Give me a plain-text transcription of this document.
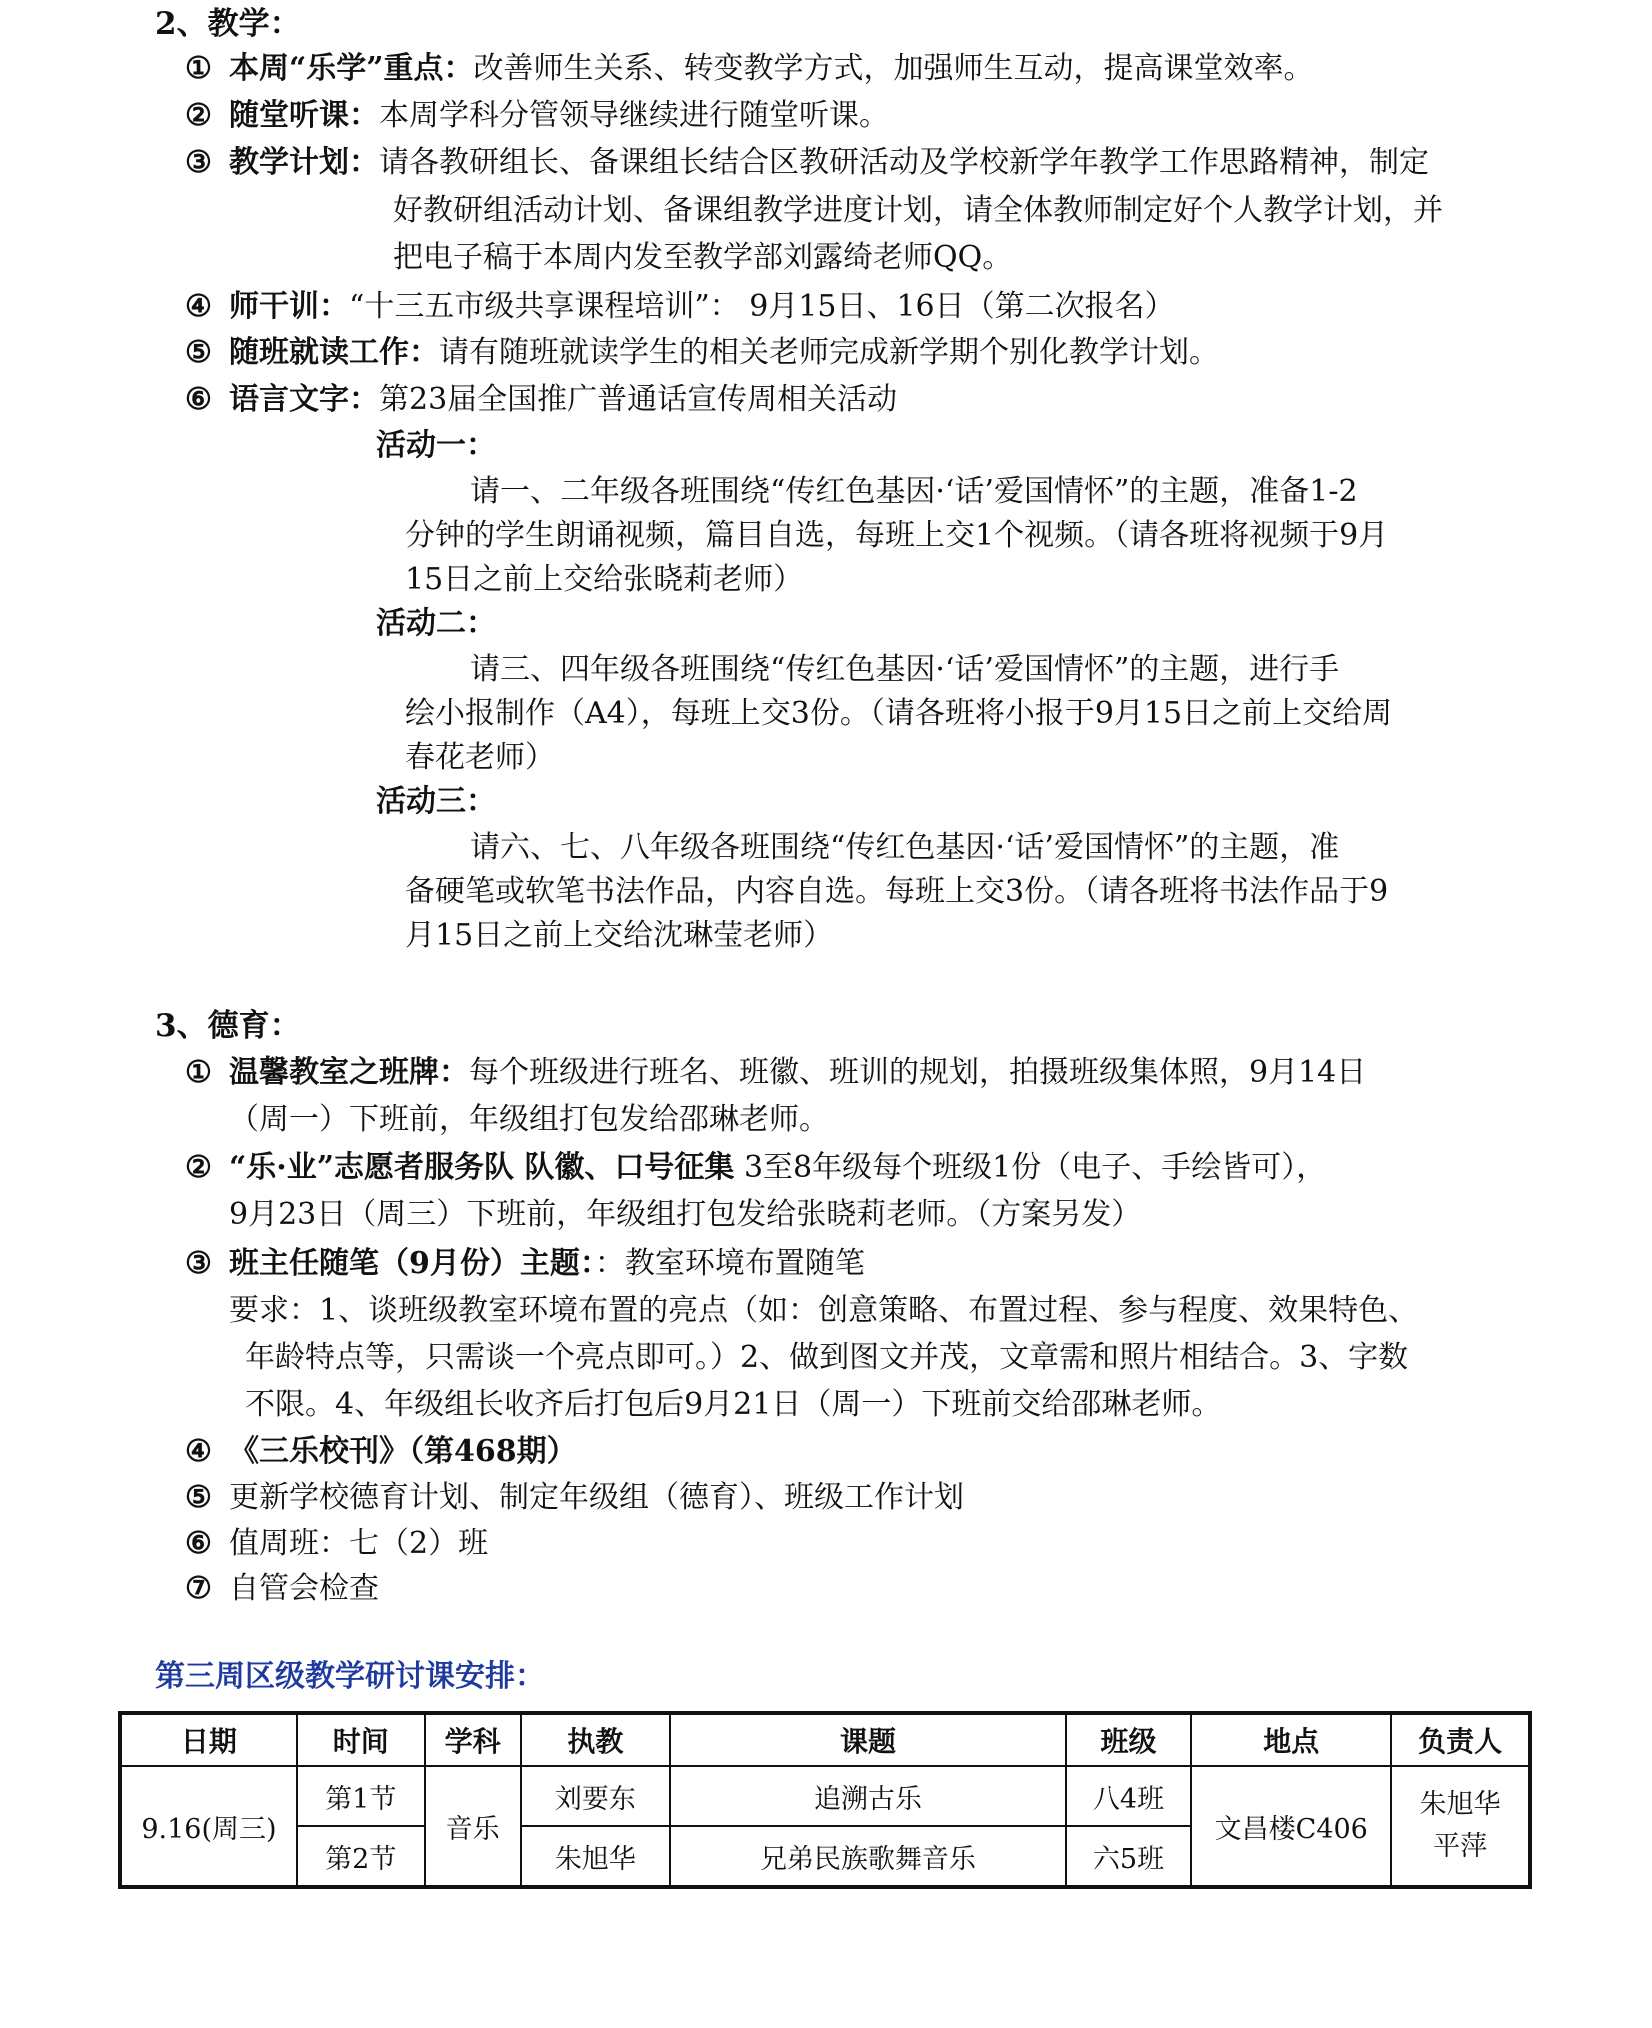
2、教学：
① 本周“乐学”重点：改善师生关系、转变教学方式，加强师生互动，提高课堂效率。
② 随堂听课：本周学科分管领导继续进行随堂听课。
③ 教学计划：请各教研组长、备课组长结合区教研活动及学校新学年教学工作思路精神，制定
好教研组活动计划、备课组教学进度计划，请全体教师制定好个人教学计划，并
把电子稿于本周内发至教学部刘露绮老师QQ。
④ 师干训：“十三五市级共享课程培训”： 9月15日、16日（第二次报名）
⑤ 随班就读工作：请有随班就读学生的相关老师完成新学期个别化教学计划。
⑥ 语言文字：第23届全国推广普通话宣传周相关活动
活动一：
请一、二年级各班围绕“传红色基因·‘话’爱国情怀”的主题，准备1-2
分钟的学生朗诵视频，篇目自选，每班上交1个视频。（请各班将视频于9月
15日之前上交给张晓莉老师）
活动二：
请三、四年级各班围绕“传红色基因·‘话’爱国情怀”的主题，进行手
绘小报制作（A4），每班上交3份。（请各班将小报于9月15日之前上交给周
春花老师）
活动三：
请六、七、八年级各班围绕“传红色基因·‘话’爱国情怀”的主题，准
备硬笔或软笔书法作品，内容自选。每班上交3份。（请各班将书法作品于9
月15日之前上交给沈琳莹老师）
3、德育：
① 温馨教室之班牌：每个班级进行班名、班徽、班训的规划，拍摄班级集体照，9月14日
（周一）下班前，年级组打包发给邵琳老师。
② “乐·业”志愿者服务队 队徽、口号征集 3至8年级每个班级1份（电子、手绘皆可），
9月23日（周三）下班前，年级组打包发给张晓莉老师。（方案另发）
③ 班主任随笔（9月份）主题：：教室环境布置随笔
要求：1、谈班级教室环境布置的亮点（如：创意策略、布置过程、参与程度、效果特色、
年龄特点等，只需谈一个亮点即可。）2、做到图文并茂，文章需和照片相结合。3、字数
不限。4、年级组长收齐后打包后9月21日（周一）下班前交给邵琳老师。
④ 《三乐校刊》（第468期）
⑤ 更新学校德育计划、制定年级组（德育）、班级工作计划
⑥ 值周班：七（2）班
⑦ 自管会检查
第三周区级教学研讨课安排：
日期	时间	学科	执教	课题	班级	地点	负责人
9.16(周三)	第1节	音乐	刘要东	追溯古乐	八4班	文昌楼C406	朱旭华
平萍

	第2节		朱旭华	兄弟民族歌舞音乐	六5班		
